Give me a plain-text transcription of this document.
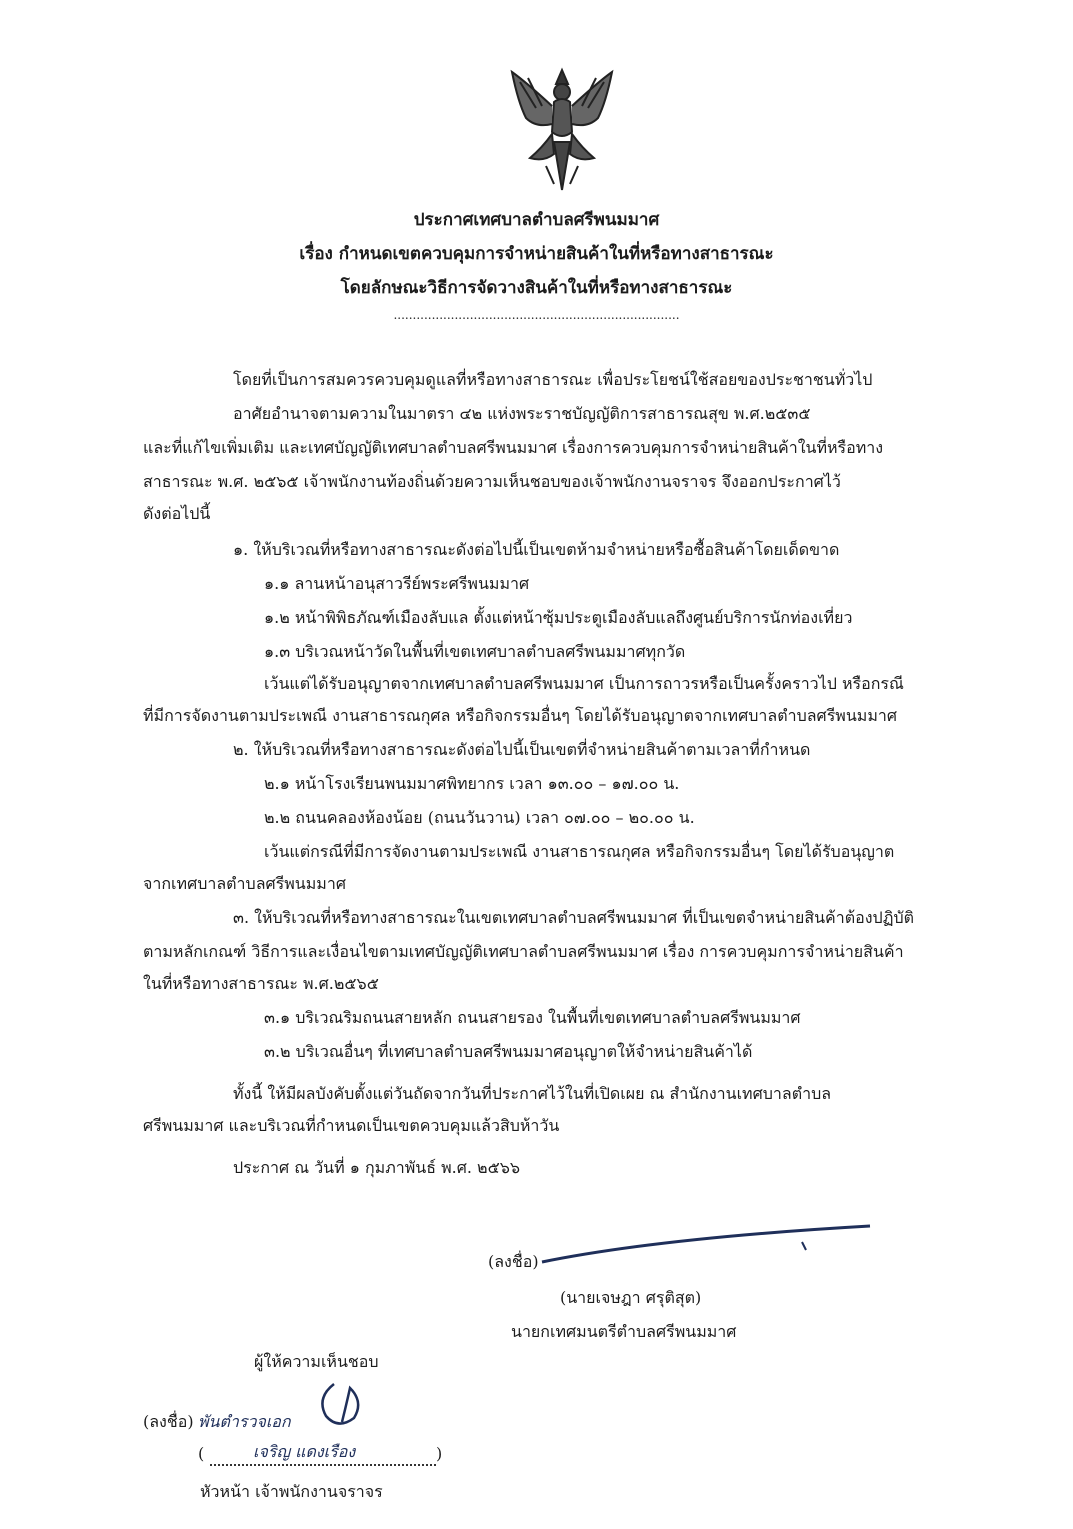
ประกาศเทศบาลตำบลศรีพนมมาศ
เรื่อง กำหนดเขตควบคุมการจำหน่ายสินค้าในที่หรือทางสาธารณะ
โดยลักษณะวิธีการจัดวางสินค้าในที่หรือทางสาธารณะ
...........................................................................
โดยที่เป็นการสมควรควบคุมดูแลที่หรือทางสาธารณะ เพื่อประโยชน์ใช้สอยของประชาชนทั่วไป
อาศัยอำนาจตามความในมาตรา ๔๒ แห่งพระราชบัญญัติการสาธารณสุข พ.ศ.๒๕๓๕
และที่แก้ไขเพิ่มเติม และเทศบัญญัติเทศบาลตำบลศรีพนมมาศ เรื่องการควบคุมการจำหน่ายสินค้าในที่หรือทาง
สาธารณะ พ.ศ. ๒๕๖๕ เจ้าพนักงานท้องถิ่นด้วยความเห็นชอบของเจ้าพนักงานจราจร จึงออกประกาศไว้
ดังต่อไปนี้
๑. ให้บริเวณที่หรือทางสาธารณะดังต่อไปนี้เป็นเขตห้ามจำหน่ายหรือซื้อสินค้าโดยเด็ดขาด
๑.๑ ลานหน้าอนุสาวรีย์พระศรีพนมมาศ
๑.๒ หน้าพิพิธภัณฑ์เมืองลับแล ตั้งแต่หน้าซุ้มประตูเมืองลับแลถึงศูนย์บริการนักท่องเที่ยว
๑.๓ บริเวณหน้าวัดในพื้นที่เขตเทศบาลตำบลศรีพนมมาศทุกวัด
เว้นแต่ได้รับอนุญาตจากเทศบาลตำบลศรีพนมมาศ เป็นการถาวรหรือเป็นครั้งคราวไป หรือกรณี
ที่มีการจัดงานตามประเพณี งานสาธารณกุศล หรือกิจกรรมอื่นๆ โดยได้รับอนุญาตจากเทศบาลตำบลศรีพนมมาศ
๒. ให้บริเวณที่หรือทางสาธารณะดังต่อไปนี้เป็นเขตที่จำหน่ายสินค้าตามเวลาที่กำหนด
๒.๑ หน้าโรงเรียนพนมมาศพิทยากร เวลา ๑๓.๐๐ – ๑๗.๐๐ น.
๒.๒ ถนนคลองห้องน้อย (ถนนวันวาน) เวลา ๐๗.๐๐ – ๒๐.๐๐ น.
เว้นแต่กรณีที่มีการจัดงานตามประเพณี งานสาธารณกุศล หรือกิจกรรมอื่นๆ โดยได้รับอนุญาต
จากเทศบาลตำบลศรีพนมมาศ
๓. ให้บริเวณที่หรือทางสาธารณะในเขตเทศบาลตำบลศรีพนมมาศ ที่เป็นเขตจำหน่ายสินค้าต้องปฏิบัติ
ตามหลักเกณฑ์ วิธีการและเงื่อนไขตามเทศบัญญัติเทศบาลตำบลศรีพนมมาศ เรื่อง การควบคุมการจำหน่ายสินค้า
ในที่หรือทางสาธารณะ พ.ศ.๒๕๖๕
๓.๑ บริเวณริมถนนสายหลัก ถนนสายรอง ในพื้นที่เขตเทศบาลตำบลศรีพนมมาศ
๓.๒ บริเวณอื่นๆ ที่เทศบาลตำบลศรีพนมมาศอนุญาตให้จำหน่ายสินค้าได้
ทั้งนี้ ให้มีผลบังคับตั้งแต่วันถัดจากวันที่ประกาศไว้ในที่เปิดเผย ณ สำนักงานเทศบาลตำบล
ศรีพนมมาศ และบริเวณที่กำหนดเป็นเขตควบคุมแล้วสิบห้าวัน
ประกาศ ณ วันที่ ๑ กุมภาพันธ์ พ.ศ. ๒๕๖๖
(ลงชื่อ)
(นายเจษฎา ศรุติสุต)
นายกเทศมนตรีตำบลศรีพนมมาศ
ผู้ให้ความเห็นชอบ
(ลงชื่อ) พันตำรวจเอก
(	เจริญ แดงเรือง	)
หัวหน้า เจ้าพนักงานจราจร
